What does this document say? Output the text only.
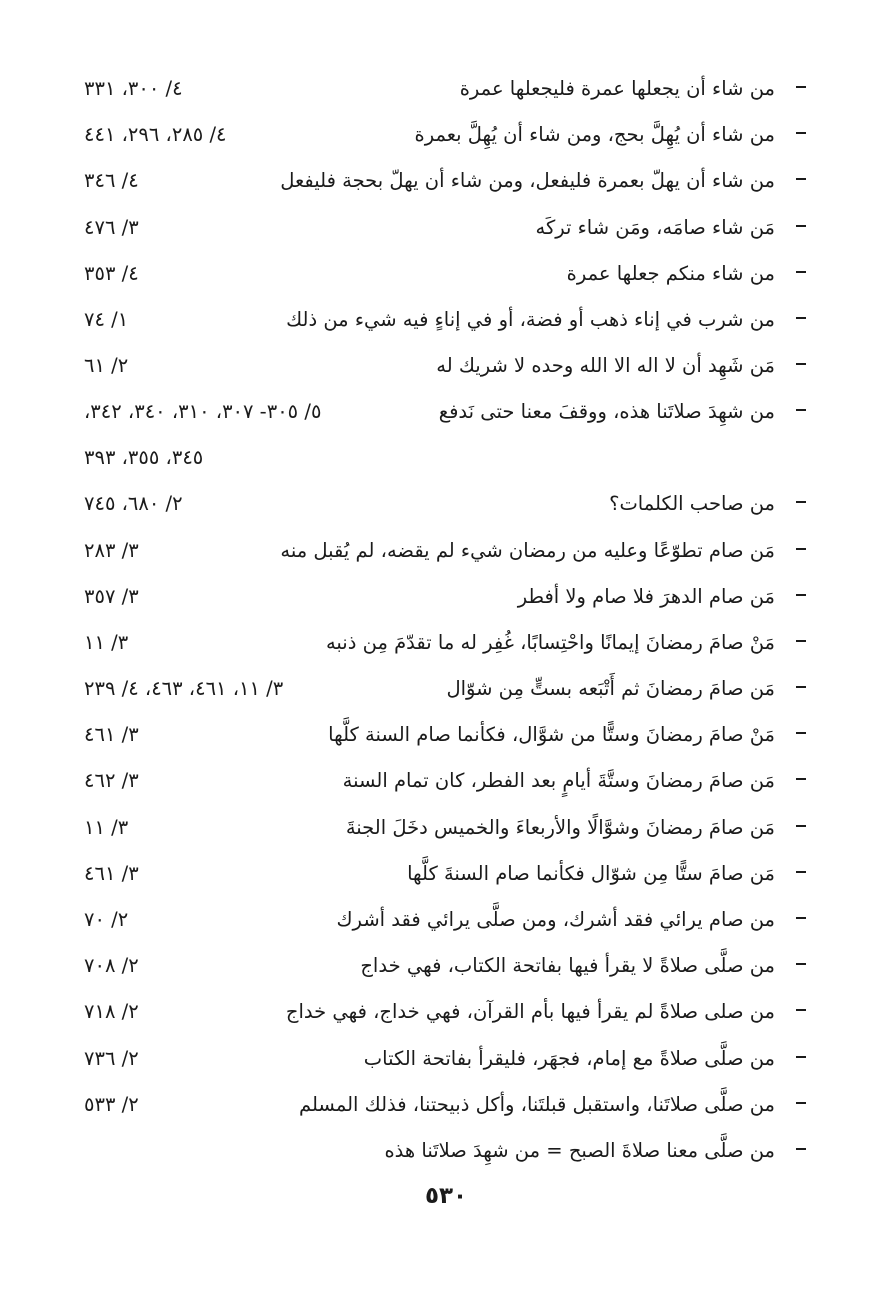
من شاء أن يجعلها عمرة فليجعلها عمرة
٤/ ٣٠٠، ٣٣١
من شاء أن يُهِلَّ بحج، ومن شاء أن يُهِلَّ بعمرة
٤/ ٢٨٥، ٢٩٦، ٤٤١
من شاء أن يهلّ بعمرة فليفعل، ومن شاء أن يهلّ بحجة فليفعل
٤/ ٣٤٦
مَن شاء صامَه، ومَن شاء تركَه
٣/ ٤٧٦
من شاء منكم جعلها عمرة
٤/ ٣٥٣
من شرب في إناء ذهب أو فضة، أو في إناءٍ فيه شيء من ذلك
١/ ٧٤
مَن شَهِد أن لا اله الا الله وحده لا شريك له
٢/ ٦١
من شهِدَ صلاتَنا هذه، ووقفَ معنا حتى نَدفع
٥/ ٣٠٥- ٣٠٧، ٣١٠، ٣٤٠، ٣٤٢،
٣٤٥، ٣٥٥، ٣٩٣
من صاحب الكلمات؟
٢/ ٦٨٠، ٧٤٥
مَن صام تطوّعًا وعليه من رمضان شيء لم يقضه، لم يُقبل منه
٣/ ٢٨٣
مَن صام الدهرَ فلا صام ولا أفطر
٣/ ٣٥٧
مَنْ صامَ رمضانَ إيمانًا واحْتِسابًا، غُفِر له ما تقدّمَ مِن ذنبه
٣/ ١١
مَن صامَ رمضانَ ثم أَتْبَعه بستٍّ مِن شوّال
٣/ ١١، ٤٦١، ٤٦٣، ٤/ ٢٣٩
مَنْ صامَ رمضانَ وستًّا من شوَّال، فكأنما صام السنة كلَّها
٣/ ٤٦١
مَن صامَ رمضانَ وستَّةَ أيامٍ بعد الفطر، كان تمام السنة
٣/ ٤٦٢
مَن صامَ رمضانَ وشوَّالًا والأربعاءَ والخميس دخَلَ الجنةَ
٣/ ١١
مَن صامَ ستًّا مِن شوّال فكأنما صام السنةَ كلَّها
٣/ ٤٦١
من صام يرائي فقد أشرك، ومن صلَّى يرائي فقد أشرك
٢/ ٧٠
من صلَّى صلاةً لا يقرأ فيها بفاتحة الكتاب، فهي خداج
٢/ ٧٠٨
من صلى صلاةً لم يقرأ فيها بأم القرآن، فهي خداج، فهي خداج
٢/ ٧١٨
من صلَّى صلاةً مع إمام، فجهَر، فليقرأ بفاتحة الكتاب
٢/ ٧٣٦
من صلَّى صلاتَنا، واستقبل قبلتَنا، وأكل ذبيحتنا، فذلك المسلم
٢/ ٥٣٣
من صلَّى معنا صلاةَ الصبح = من شهِدَ صلاتَنا هذه
٥٣٠
